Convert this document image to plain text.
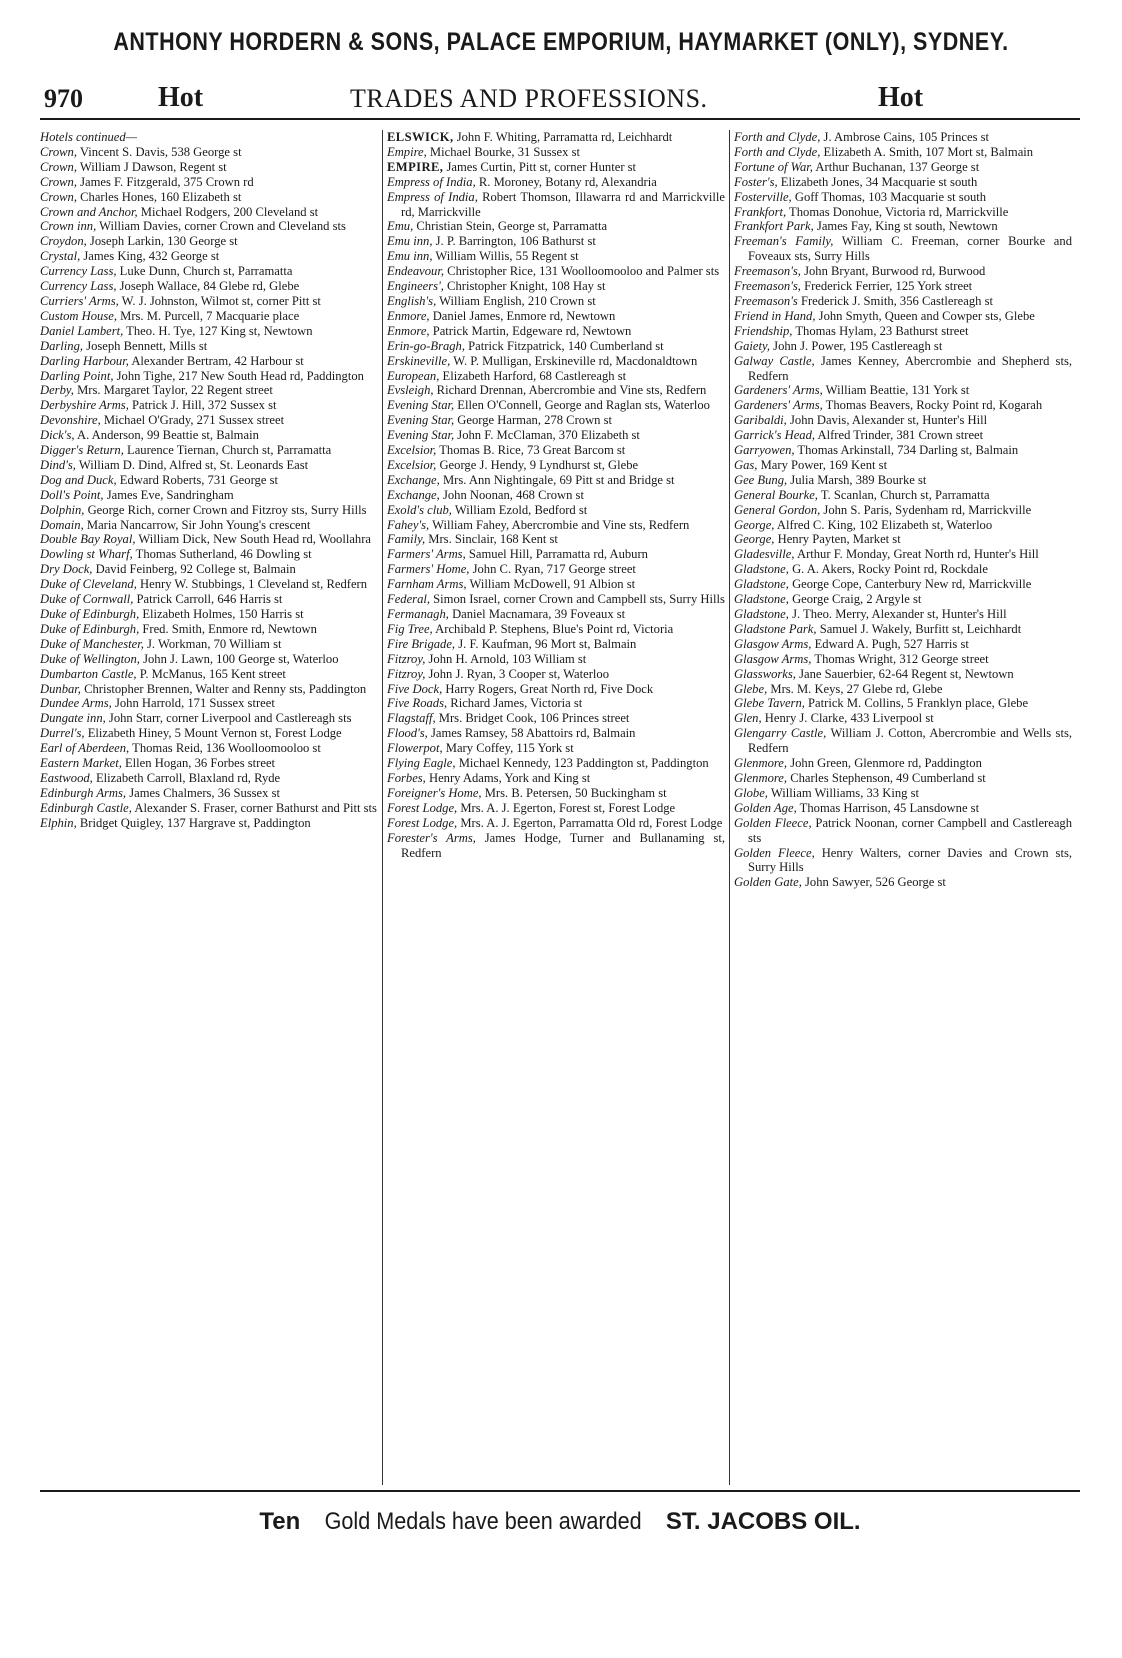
ANTHONY HORDERN & SONS, PALACE EMPORIUM, HAYMARKET (ONLY), SYDNEY.
970	Hot	TRADES AND PROFESSIONS.	Hot
Hotels continued—
Crown, Vincent S. Davis, 538 George st
Crown, William J Dawson, Regent st
Crown, James F. Fitzgerald, 375 Crown rd
Crown, Charles Hones, 160 Elizabeth st
Crown and Anchor, Michael Rodgers, 200 Cleveland st
Crown inn, William Davies, corner Crown and Cleveland sts
Croydon, Joseph Larkin, 130 George st
Crystal, James King, 432 George st
Currency Lass, Luke Dunn, Church st, Parramatta
Currency Lass, Joseph Wallace, 84 Glebe rd, Glebe
Curriers' Arms, W. J. Johnston, Wilmot st, corner Pitt st
Custom House, Mrs. M. Purcell, 7 Macquarie place
Daniel Lambert, Theo. H. Tye, 127 King st, Newtown
Darling, Joseph Bennett, Mills st
Darling Harbour, Alexander Bertram, 42 Harbour st
Darling Point, John Tighe, 217 New South Head rd, Paddington
Derby, Mrs. Margaret Taylor, 22 Regent street
Derbyshire Arms, Patrick J. Hill, 372 Sussex st
Devonshire, Michael O'Grady, 271 Sussex street
Dick's, A. Anderson, 99 Beattie st, Balmain
Digger's Return, Laurence Tiernan, Church st, Parramatta
Dind's, William D. Dind, Alfred st, St. Leonards East
Dog and Duck, Edward Roberts, 731 George st
Doll's Point, James Eve, Sandringham
Dolphin, George Rich, corner Crown and Fitzroy sts, Surry Hills
Domain, Maria Nancarrow, Sir John Young's crescent
Double Bay Royal, William Dick, New South Head rd, Woollahra
Dowling st Wharf, Thomas Sutherland, 46 Dowling st
Dry Dock, David Feinberg, 92 College st, Balmain
Duke of Cleveland, Henry W. Stubbings, 1 Cleveland st, Redfern
Duke of Cornwall, Patrick Carroll, 646 Harris st
Duke of Edinburgh, Elizabeth Holmes, 150 Harris st
Duke of Edinburgh, Fred. Smith, Enmore rd, Newtown
Duke of Manchester, J. Workman, 70 William st
Duke of Wellington, John J. Lawn, 100 George st, Waterloo
Dumbarton Castle, P. McManus, 165 Kent street
Dunbar, Christopher Brennen, Walter and Renny sts, Paddington
Dundee Arms, John Harrold, 171 Sussex street
Dungate inn, John Starr, corner Liverpool and Castlereagh sts
Durrel's, Elizabeth Hiney, 5 Mount Vernon st, Forest Lodge
Earl of Aberdeen, Thomas Reid, 136 Woolloomooloo st
Eastern Market, Ellen Hogan, 36 Forbes street
Eastwood, Elizabeth Carroll, Blaxland rd, Ryde
Edinburgh Arms, James Chalmers, 36 Sussex st
Edinburgh Castle, Alexander S. Fraser, corner Bathurst and Pitt sts
Elphin, Bridget Quigley, 137 Hargrave st, Paddington
ELSWICK, John F. Whiting, Parramatta rd, Leichhardt
Empire, Michael Bourke, 31 Sussex st
EMPIRE, James Curtin, Pitt st, corner Hunter st
Empress of India, R. Moroney, Botany rd, Alexandria
Empress of India, Robert Thomson, Illawarra rd and Marrickville rd, Marrickville
Emu, Christian Stein, George st, Parramatta
Emu inn, J. P. Barrington, 106 Bathurst st
Emu inn, William Willis, 55 Regent st
Endeavour, Christopher Rice, 131 Woolloomooloo and Palmer sts
Engineers', Christopher Knight, 108 Hay st
English's, William English, 210 Crown st
Enmore, Daniel James, Enmore rd, Newtown
Enmore, Patrick Martin, Edgeware rd, Newtown
Erin-go-Bragh, Patrick Fitzpatrick, 140 Cumberland st
Erskineville, W. P. Mulligan, Erskineville rd, Macdonaldtown
European, Elizabeth Harford, 68 Castlereagh st
Evsleigh, Richard Drennan, Abercrombie and Vine sts, Redfern
Evening Star, Ellen O'Connell, George and Raglan sts, Waterloo
Evening Star, George Harman, 278 Crown st
Evening Star, John F. McClaman, 370 Elizabeth st
Excelsior, Thomas B. Rice, 73 Great Barcom st
Excelsior, George J. Hendy, 9 Lyndhurst st, Glebe
Exchange, Mrs. Ann Nightingale, 69 Pitt st and Bridge st
Exchange, John Noonan, 468 Crown st
Exold's club, William Ezold, Bedford st
Fahey's, William Fahey, Abercrombie and Vine sts, Redfern
Family, Mrs. Sinclair, 168 Kent st
Farmers' Arms, Samuel Hill, Parramatta rd, Auburn
Farmers' Home, John C. Ryan, 717 George street
Farnham Arms, William McDowell, 91 Albion st
Federal, Simon Israel, corner Crown and Campbell sts, Surry Hills
Fermanagh, Daniel Macnamara, 39 Foveaux st
Fig Tree, Archibald P. Stephens, Blue's Point rd, Victoria
Fire Brigade, J. F. Kaufman, 96 Mort st, Balmain
Fitzroy, John H. Arnold, 103 William st
Fitzroy, John J. Ryan, 3 Cooper st, Waterloo
Five Dock, Harry Rogers, Great North rd, Five Dock
Five Roads, Richard James, Victoria st
Flagstaff, Mrs. Bridget Cook, 106 Princes street
Flood's, James Ramsey, 58 Abattoirs rd, Balmain
Flowerpot, Mary Coffey, 115 York st
Flying Eagle, Michael Kennedy, 123 Paddington st, Paddington
Forbes, Henry Adams, York and King st
Foreigner's Home, Mrs. B. Petersen, 50 Buckingham st
Forest Lodge, Mrs. A. J. Egerton, Forest st, Forest Lodge
Forest Lodge, Mrs. A. J. Egerton, Parramatta Old rd, Forest Lodge
Forester's Arms, James Hodge, Turner and Bullanaming st, Redfern
Forth and Clyde, J. Ambrose Cains, 105 Princes st
Forth and Clyde, Elizabeth A. Smith, 107 Mort st, Balmain
Fortune of War, Arthur Buchanan, 137 George st
Foster's, Elizabeth Jones, 34 Macquarie st south
Fosterville, Goff Thomas, 103 Macquarie st south
Frankfort, Thomas Donohue, Victoria rd, Marrickville
Frankfort Park, James Fay, King st south, Newtown
Freeman's Family, William C. Freeman, corner Bourke and Foveaux sts, Surry Hills
Freemason's, John Bryant, Burwood rd, Burwood
Freemason's, Frederick Ferrier, 125 York street
Freemason's Frederick J. Smith, 356 Castlereagh st
Friend in Hand, John Smyth, Queen and Cowper sts, Glebe
Friendship, Thomas Hylam, 23 Bathurst street
Gaiety, John J. Power, 195 Castlereagh st
Galway Castle, James Kenney, Abercrombie and Shepherd sts, Redfern
Gardeners' Arms, William Beattie, 131 York st
Gardeners' Arms, Thomas Beavers, Rocky Point rd, Kogarah
Garibaldi, John Davis, Alexander st, Hunter's Hill
Garrick's Head, Alfred Trinder, 381 Crown street
Garryowen, Thomas Arkinstall, 734 Darling st, Balmain
Gas, Mary Power, 169 Kent st
Gee Bung, Julia Marsh, 389 Bourke st
General Bourke, T. Scanlan, Church st, Parramatta
General Gordon, John S. Paris, Sydenham rd, Marrickville
George, Alfred C. King, 102 Elizabeth st, Waterloo
George, Henry Payten, Market st
Gladesville, Arthur F. Monday, Great North rd, Hunter's Hill
Gladstone, G. A. Akers, Rocky Point rd, Rockdale
Gladstone, George Cope, Canterbury New rd, Marrickville
Gladstone, George Craig, 2 Argyle st
Gladstone, J. Theo. Merry, Alexander st, Hunter's Hill
Gladstone Park, Samuel J. Wakely, Burfitt st, Leichhardt
Glasgow Arms, Edward A. Pugh, 527 Harris st
Glasgow Arms, Thomas Wright, 312 George street
Glassworks, Jane Sauerbier, 62-64 Regent st, Newtown
Glebe, Mrs. M. Keys, 27 Glebe rd, Glebe
Glebe Tavern, Patrick M. Collins, 5 Franklyn place, Glebe
Glen, Henry J. Clarke, 433 Liverpool st
Glengarry Castle, William J. Cotton, Abercrombie and Wells sts, Redfern
Glenmore, John Green, Glenmore rd, Paddington
Glenmore, Charles Stephenson, 49 Cumberland st
Globe, William Williams, 33 King st
Golden Age, Thomas Harrison, 45 Lansdowne st
Golden Fleece, Patrick Noonan, corner Campbell and Castlereagh sts
Golden Fleece, Henry Walters, corner Davies and Crown sts, Surry Hills
Golden Gate, John Sawyer, 526 George st
Ten Gold Medals have been awarded ST. JACOBS OIL.
